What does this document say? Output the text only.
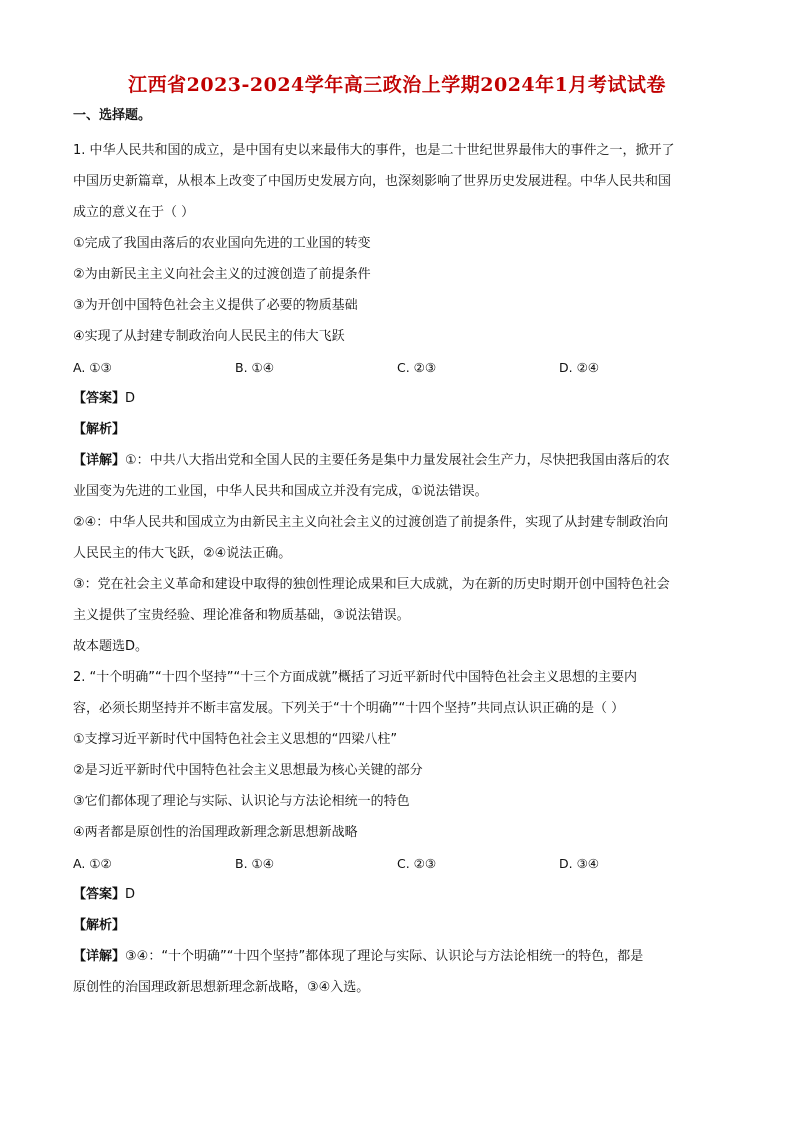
江西省2023-2024学年高三政治上学期2024年1月考试试卷
一、选择题。
1. 中华人民共和国的成立，是中国有史以来最伟大的事件，也是二十世纪世界最伟大的事件之一，掀开了
中国历史新篇章，从根本上改变了中国历史发展方向，也深刻影响了世界历史发展进程。中华人民共和国
成立的意义在于（ ）
①完成了我国由落后的农业国向先进的工业国的转变
②为由新民主主义向社会主义的过渡创造了前提条件
③为开创中国特色社会主义提供了必要的物质基础
④实现了从封建专制政治向人民民主的伟大飞跃
A. ①③	B. ①④	C. ②③	D. ②④
【答案】D
【解析】
【详解】①：中共八大指出党和全国人民的主要任务是集中力量发展社会生产力，尽快把我国由落后的农
业国变为先进的工业国，中华人民共和国成立并没有完成，①说法错误。
②④：中华人民共和国成立为由新民主主义向社会主义的过渡创造了前提条件，实现了从封建专制政治向
人民民主的伟大飞跃，②④说法正确。
③：党在社会主义革命和建设中取得的独创性理论成果和巨大成就，为在新的历史时期开创中国特色社会
主义提供了宝贵经验、理论准备和物质基础，③说法错误。
故本题选D。
2. “十个明确”“十四个坚持”“十三个方面成就”概括了习近平新时代中国特色社会主义思想的主要内
容，必须长期坚持并不断丰富发展。下列关于“十个明确”“十四个坚持”共同点认识正确的是（ ）
①支撑习近平新时代中国特色社会主义思想的“四梁八柱”
②是习近平新时代中国特色社会主义思想最为核心关键的部分
③它们都体现了理论与实际、认识论与方法论相统一的特色
④两者都是原创性的治国理政新理念新思想新战略
A. ①②	B. ①④	C. ②③	D. ③④
【答案】D
【解析】
【详解】③④：“十个明确”“十四个坚持”都体现了理论与实际、认识论与方法论相统一的特色，都是
原创性的治国理政新思想新理念新战略，③④入选。
